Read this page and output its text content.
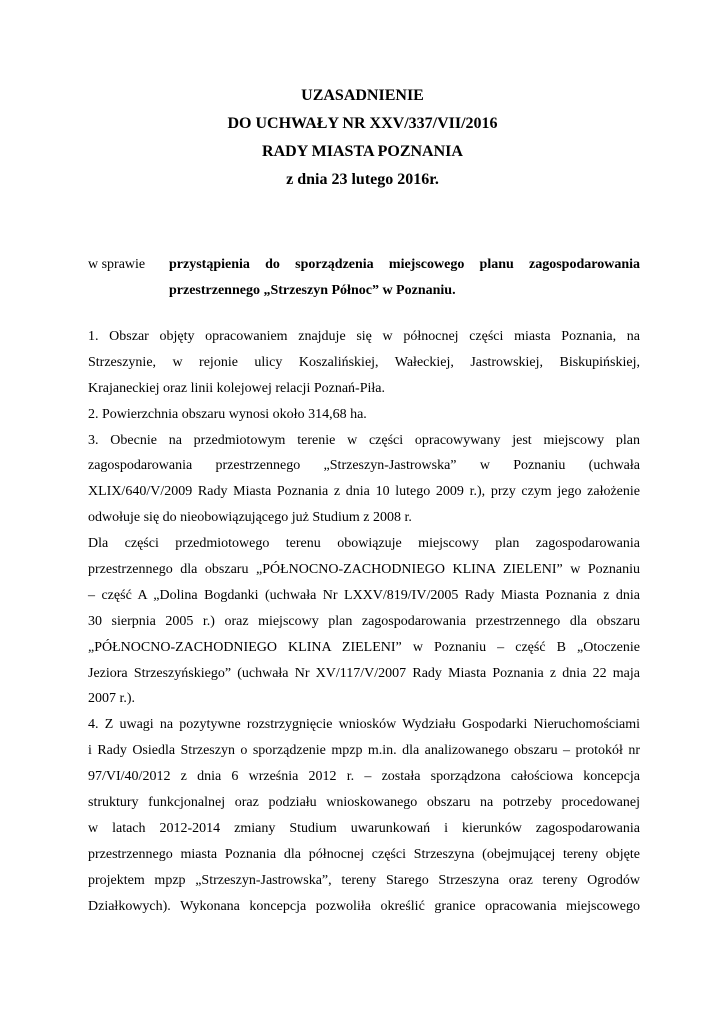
UZASADNIENIE
DO UCHWAŁY NR XXV/337/VII/2016
RADY MIASTA POZNANIA
z dnia 23 lutego 2016r.
w sprawie	przystąpienia do sporządzenia miejscowego planu zagospodarowania
przestrzennego „Strzeszyn Północ” w Poznaniu.
1. Obszar objęty opracowaniem znajduje się w północnej części miasta Poznania, na
Strzeszynie, w rejonie ulicy Koszalińskiej, Wałeckiej, Jastrowskiej, Biskupińskiej,
Krajaneckiej oraz linii kolejowej relacji Poznań-Piła.
2. Powierzchnia obszaru wynosi około 314,68 ha.
3. Obecnie na przedmiotowym terenie w części opracowywany jest miejscowy plan
zagospodarowania przestrzennego „Strzeszyn-Jastrowska” w Poznaniu (uchwała
XLIX/640/V/2009 Rady Miasta Poznania z dnia 10 lutego 2009 r.), przy czym jego założenie
odwołuje się do nieobowiązującego już Studium z 2008 r.
Dla części przedmiotowego terenu obowiązuje miejscowy plan zagospodarowania
przestrzennego dla obszaru „PÓŁNOCNO-ZACHODNIEGO KLINA ZIELENI” w Poznaniu
– część A „Dolina Bogdanki (uchwała Nr LXXV/819/IV/2005 Rady Miasta Poznania z dnia
30 sierpnia 2005 r.) oraz miejscowy plan zagospodarowania przestrzennego dla obszaru
„PÓŁNOCNO-ZACHODNIEGO KLINA ZIELENI” w Poznaniu – część B „Otoczenie
Jeziora Strzeszyńskiego” (uchwała Nr XV/117/V/2007 Rady Miasta Poznania z dnia 22 maja
2007 r.).
4. Z uwagi na pozytywne rozstrzygnięcie wniosków Wydziału Gospodarki Nieruchomościami
i Rady Osiedla Strzeszyn o sporządzenie mpzp m.in. dla analizowanego obszaru – protokół nr
97/VI/40/2012 z dnia 6 września 2012 r. – została sporządzona całościowa koncepcja
struktury funkcjonalnej oraz podziału wnioskowanego obszaru na potrzeby procedowanej
w latach 2012-2014 zmiany Studium uwarunkowań i kierunków zagospodarowania
przestrzennego miasta Poznania dla północnej części Strzeszyna (obejmującej tereny objęte
projektem mpzp „Strzeszyn-Jastrowska”, tereny Starego Strzeszyna oraz tereny Ogrodów
Działkowych). Wykonana koncepcja pozwoliła określić granice opracowania miejscowego
